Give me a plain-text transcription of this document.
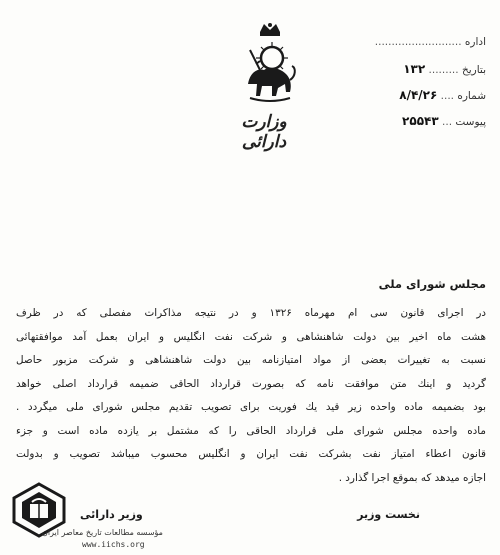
وزارت دارائى
اداره ..........................
بتاريخ ......... ۱۳۲
شماره .... ۸/۴/۲۶
پيوست ... ۲۵۵۴۳
مجلس شوراى ملى
در اجراى قانون سى ام مهرماه ۱۳۲۶ و در نتيجه مذاكرات مفصلى كه در ظرف
هشت ماه اخير بين دولت شاهنشاهى و شركت نفت انگليس و ايران بعمل آمد موافقتهائى
نسبت به تغييرات بعضى از مواد امتيازنامه بين دولت شاهنشاهى و شركت مزبور حاصل
گرديد و اينك متن موافقت نامه كه بصورت قرارداد الحاقى ضميمه قرارداد اصلى خواهد
بود بضميمه ماده واحده زير قيد يك فوريت براى تصويب تقديم مجلس شوراى ملى ميگردد .
ماده واحده مجلس شوراى ملى قرارداد الحاقى را كه مشتمل بر يازده ماده است و جزء
قانون اعطاء امتياز نفت بشركت نفت ايران و انگليس محسوب ميباشد تصويب و بدولت
اجازه ميدهد كه بموقع اجرا گذارد .
نخست وزير
وزير دارائى
مؤسسه مطالعات تاريخ معاصر ايران
www.iichs.org
